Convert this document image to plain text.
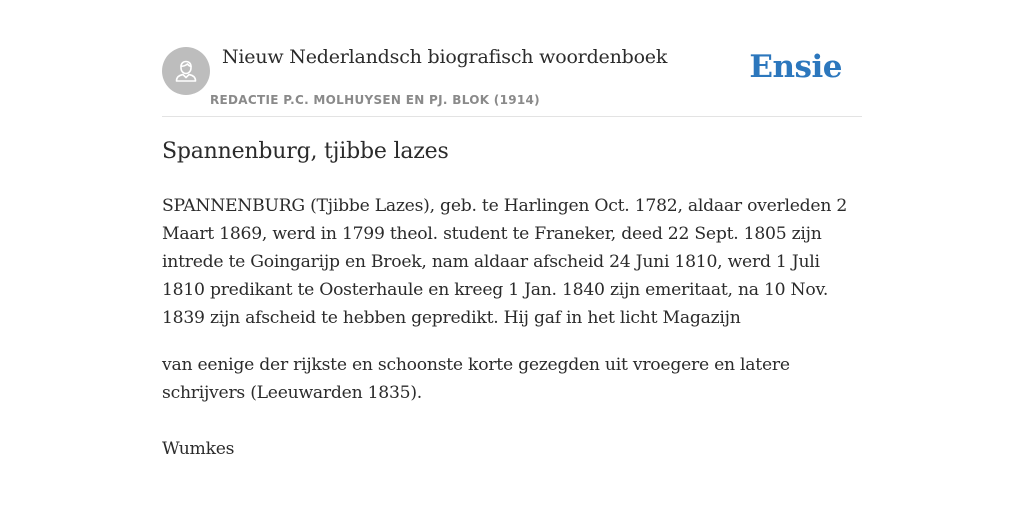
Nieuw Nederlandsch biografisch woordenboek
REDACTIE P.C. MOLHUYSEN EN PJ. BLOK (1914)
Ensie
Spannenburg, tjibbe lazes

SPANNENBURG (Tjibbe Lazes), geb. te Harlingen Oct. 1782, aldaar overleden 2 Maart 1869, werd in 1799 theol. student te Franeker, deed 22 Sept. 1805 zijn intrede te Goingarijp en Broek, nam aldaar afscheid 24 Juni 1810, werd 1 Juli 1810 predikant te Oosterhaule en kreeg 1 Jan. 1840 zijn emeritaat, na 10 Nov. 1839 zijn afscheid te hebben gepredikt. Hij gaf in het licht Magazijn

van eenige der rijkste en schoonste korte gezegden uit vroegere en latere schrijvers (Leeuwarden 1835).

Wumkes
